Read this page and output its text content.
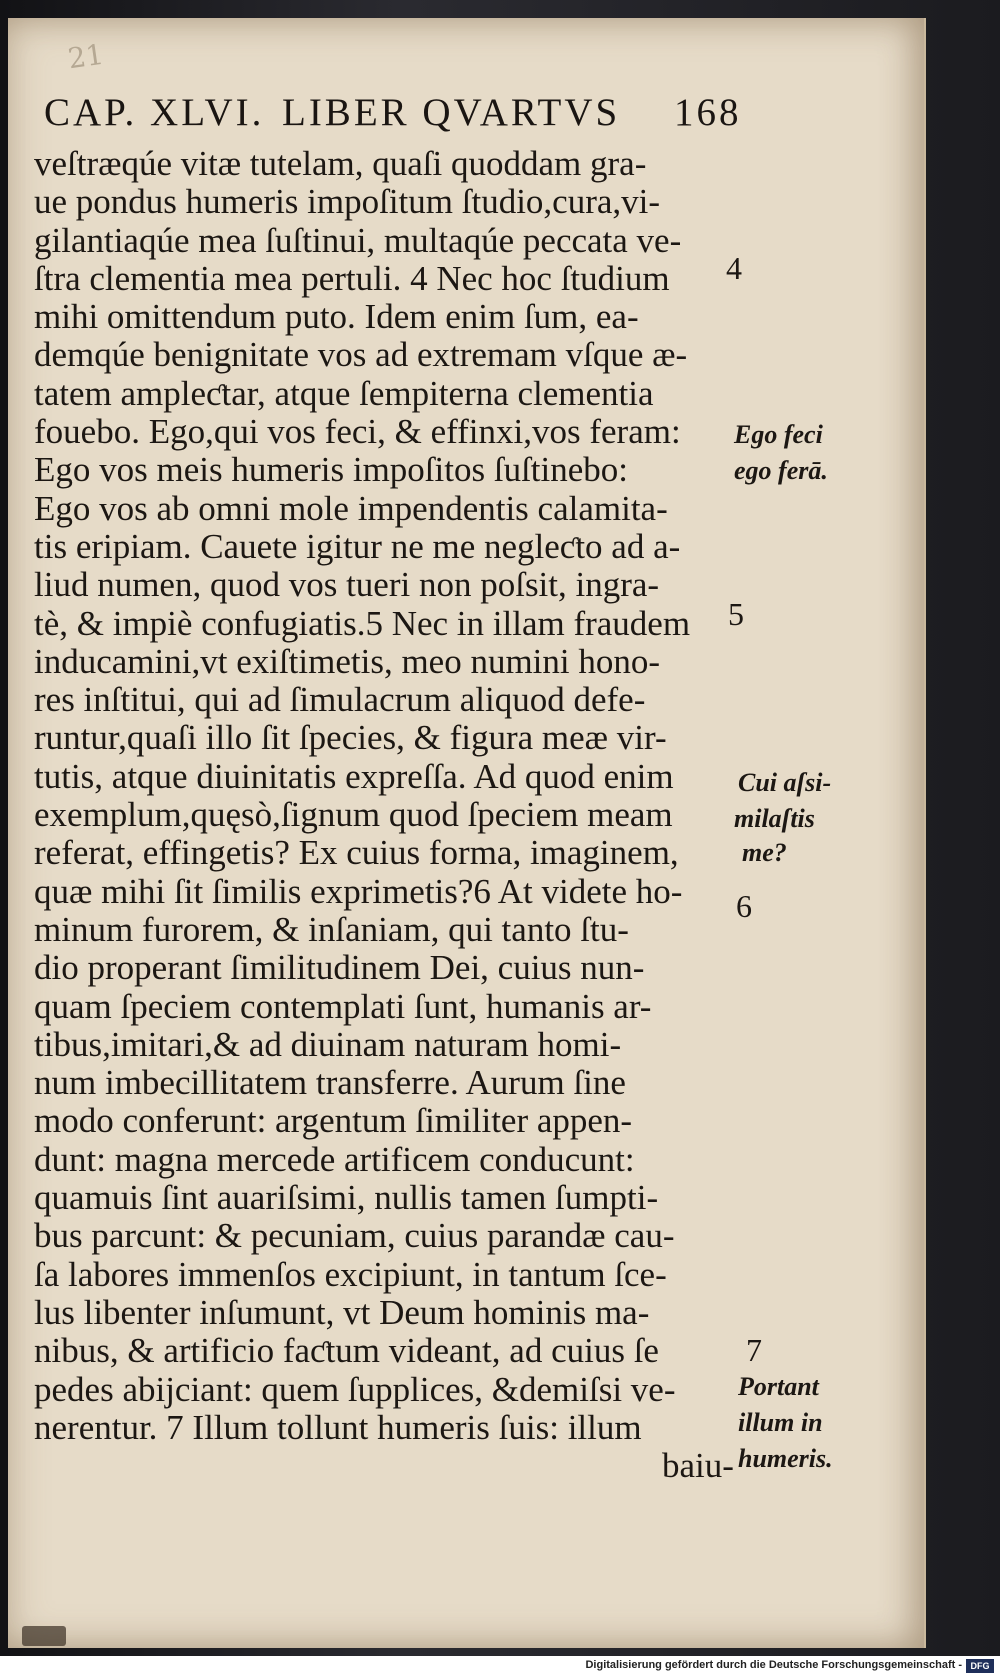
21
CAP. XLVI. LIBER QVARTVS 168
veſtræqúe vitæ tutelam, quaſi quoddam gra-
ue pondus humeris impoſitum ſtudio,cura,vi-
gilantiaqúe mea ſuſtinui, multaqúe peccata ve-
ſtra clementia mea pertuli. 4 Nec hoc ſtudium
mihi omittendum puto. Idem enim ſum, ea-
demqúe benignitate vos ad extremam vſque æ-
tatem ampleƈtar, atque ſempiterna clementia
fouebo. Ego,qui vos feci, & effinxi,vos feram:
Ego vos meis humeris impoſitos ſuſtinebo:
Ego vos ab omni mole impendentis calamita-
tis eripiam. Cauete igitur ne me negleƈto ad a-
liud numen, quod vos tueri non poſsit, ingra-
tè, & impiè confugiatis.5 Nec in illam fraudem
inducamini,vt exiſtimetis, meo numini hono-
res inſtitui, qui ad ſimulacrum aliquod defe-
runtur,quaſi illo ſit ſpecies, & figura meæ vir-
tutis, atque diuinitatis expreſſa. Ad quod enim
exemplum,quęsò,ſignum quod ſpeciem meam
referat, effingetis? Ex cuius forma, imaginem,
quæ mihi ſit ſimilis exprimetis?6 At videte ho-
minum furorem, & inſaniam, qui tanto ſtu-
dio properant ſimilitudinem Dei, cuius nun-
quam ſpeciem contemplati ſunt, humanis ar-
tibus,imitari,& ad diuinam naturam homi-
num imbecillitatem transferre. Aurum ſine
modo conferunt: argentum ſimiliter appen-
dunt: magna mercede artificem conducunt:
quamuis ſint auariſsimi, nullis tamen ſumpti-
bus parcunt: & pecuniam, cuius parandæ cau-
ſa labores immenſos excipiunt, in tantum ſce-
lus libenter inſumunt, vt Deum hominis ma-
nibus, & artificio faƈtum videant, ad cuius ſe
pedes abijciant: quem ſupplices, &demiſsi ve-
nerentur. 7 Illum tollunt humeris ſuis: illum
baiu-
4
Ego feci
ego ferā.
5
Cui aſsi-
milaſtis
me?
6
7
Portant
illum in
humeris.
Digitalisierung gefördert durch die Deutsche Forschungsgemeinschaft - DFG
